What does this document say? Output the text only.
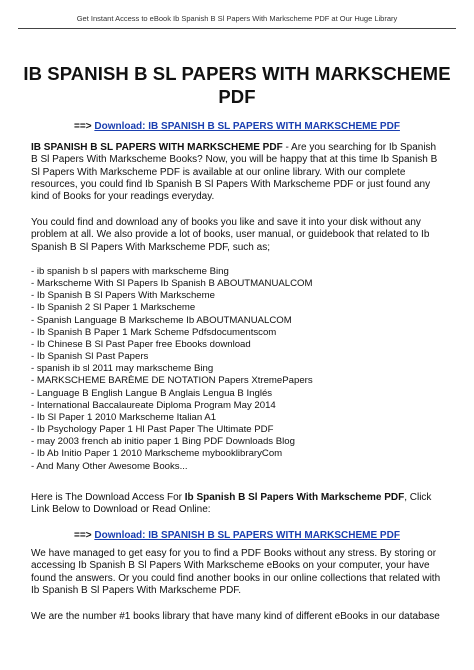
Get Instant Access to eBook Ib Spanish B Sl Papers With Markscheme PDF at Our Huge Library
IB SPANISH B SL PAPERS WITH MARKSCHEME PDF
==> Download: IB SPANISH B SL PAPERS WITH MARKSCHEME PDF

IB SPANISH B SL PAPERS WITH MARKSCHEME PDF - Are you searching for Ib Spanish B Sl Papers With Markscheme Books? Now, you will be happy that at this time Ib Spanish B Sl Papers With Markscheme PDF is available at our online library. With our complete resources, you could find Ib Spanish B Sl Papers With Markscheme PDF or just found any kind of Books for your readings everyday.

You could find and download any of books you like and save it into your disk without any problem at all. We also provide a lot of books, user manual, or guidebook that related to Ib Spanish B Sl Papers With Markscheme PDF, such as;

- ib spanish b sl papers with markscheme Bing
- Markscheme With Sl Papers Ib Spanish B ABOUTMANUALCOM
- Ib Spanish B Sl Papers With Markscheme
- Ib Spanish 2 Sl Paper 1 Markscheme
- Spanish Language B Markscheme Ib ABOUTMANUALCOM
- Ib Spanish B Paper 1 Mark Scheme Pdfsdocumentscom
- Ib Chinese B Sl Past Paper free Ebooks download
- Ib Spanish Sl Past Papers
- spanish ib sl 2011 may markscheme Bing
- MARKSCHEME BARÈME DE NOTATION Papers XtremePapers
- Language B English Langue B Anglais Lengua B Inglés
- International Baccalaureate Diploma Program May 2014
- Ib Sl Paper 1 2010 Markscheme Italian A1
- Ib Psychology Paper 1 Hl Past Paper The Ultimate PDF
- may 2003 french ab initio paper 1 Bing PDF Downloads Blog
- Ib Ab Initio Paper 1 2010 Markscheme mybooklibraryCom
- And Many Other Awesome Books...

Here is The Download Access For Ib Spanish B Sl Papers With Markscheme PDF, Click Link Below to Download or Read Online:

==> Download: IB SPANISH B SL PAPERS WITH MARKSCHEME PDF

We have managed to get easy for you to find a PDF Books without any stress. By storing or accessing Ib Spanish B Sl Papers With Markscheme eBooks on your computer, your have found the answers. Or you could find another books in our online collections that related with Ib Spanish B Sl Papers With Markscheme PDF.

We are the number #1 books library that have many kind of different eBooks in our database
